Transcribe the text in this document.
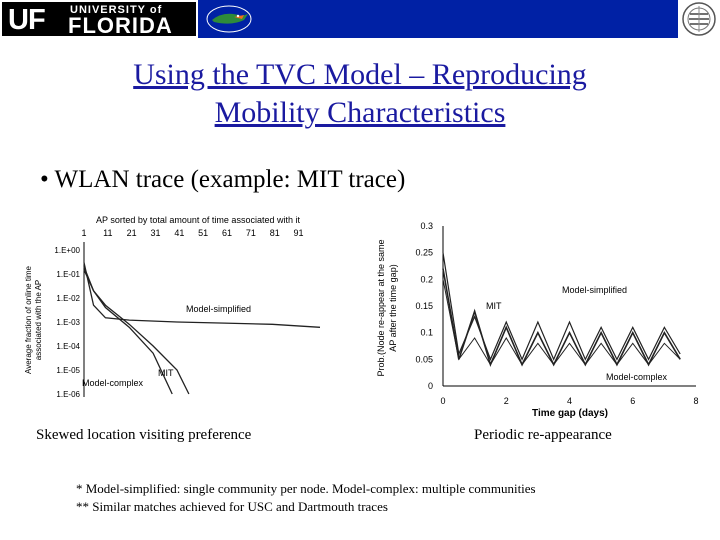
UF UNIVERSITY of
FLORIDA
Using the TVC Model – Reproducing
Mobility Characteristics
• WLAN trace (example: MIT trace)
AP sorted by total amount of time associated with it
1 11 21 31 41 51 61 71 81 91
1.E+00
1.E-01
1.E-02
1.E-03
1.E-04
1.E-05
1.E-06
Average fraction of online time associated with the AP	Model-simplified
MIT
Model-complex
Skewed location visiting preference
Prob.(Node re-appear at the same AP after the time gap)
0.3
0.25
0.2
0.15
0.1
0.05
0
0	2	4	6	8
Model-simplified
MIT
Model-complex
Time gap (days)
Periodic re-appearance
* Model-simplified: single community per node. Model-complex: multiple communities
** Similar matches achieved for USC and Dartmouth traces
